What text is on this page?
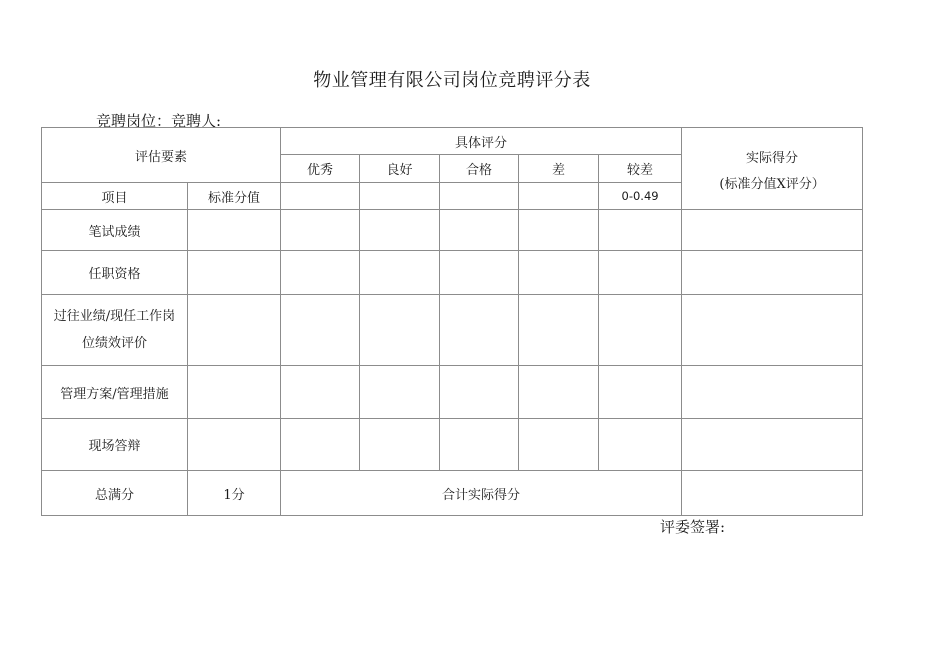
物业管理有限公司岗位竞聘评分表
竞聘岗位：竞聘人:
评估要素		具体评分					实际得分
(标准分值X评分）

		优秀	良好	合格	差	较差	
项目	标准分值					0-0.49	
笔试成绩							
任职资格							
过往业绩/现任工作岗位绩效评价							
管理方案/管理措施							
现场答辩							
总满分	1分	合计实际得分					
评委签署:
